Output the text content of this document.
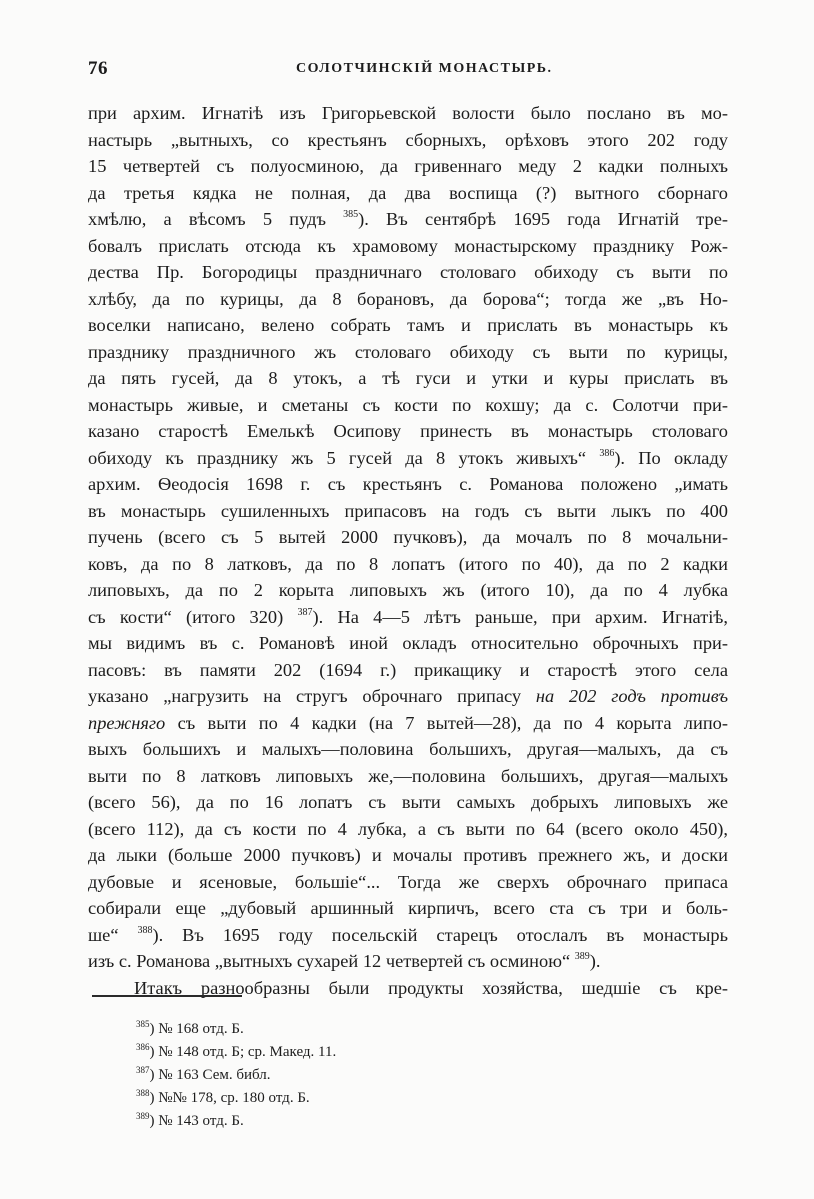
76	СОЛОТЧИНСКІЙ МОНАСТЫРЬ.
при архим. Игнатіѣ изъ Григорьевской волости было послано въ мо-
настырь „вытныхъ, со крестьянъ сборныхъ, орѣховъ этого 202 году
15 четвертей съ полуосминою, да гривеннаго меду 2 кадки полныхъ
да третья кядка не полная, да два воспища (?) вытного сборнаго
хмѣлю, а вѣсомъ 5 пудъ $^{385}$). Въ сентябрѣ 1695 года Игнатій тре-
бовалъ прислать отсюда къ храмовому монастырскому празднику Рож-
дества Пр. Богородицы праздничнаго столоваго обиходу съ выти по
хлѣбу, да по курицы, да 8 борановъ, да борова“; тогда же „въ Но-
воселки написано, велено собрать тамъ и прислать въ монастырь къ
празднику праздничного жъ столоваго обиходу съ выти по курицы,
да пять гусей, да 8 утокъ, а тѣ гуси и утки и куры прислать въ
монастырь живые, и сметаны съ кости по кохшу; да с. Солотчи при-
казано старостѣ Емелькѣ Осипову принесть въ монастырь столоваго
обиходу къ празднику жъ 5 гусей да 8 утокъ живыхъ“ $^{386}$). По окладу
архим. Ѳеодосія 1698 г. съ крестьянъ с. Романова положено „имать
въ монастырь сушиленныхъ припасовъ на годъ съ выти лыкъ по 400
пучень (всего съ 5 вытей 2000 пучковъ), да мочалъ по 8 мочальни-
ковъ, да по 8 латковъ, да по 8 лопатъ (итого по 40), да по 2 кадки
липовыхъ, да по 2 корыта липовыхъ жъ (итого 10), да по 4 лубка
съ кости“ (итого 320) $^{387}$). На 4—5 лѣтъ раньше, при архим. Игнатіѣ,
мы видимъ въ с. Романовѣ иной окладъ относительно оброчныхъ при-
пасовъ: въ памяти 202 (1694 г.) прикащику и старостѣ этого села
указано „нагрузить на стругъ оброчнаго припасу на 202 годъ противъ
прежняго съ выти по 4 кадки (на 7 вытей—28), да по 4 корыта липо-
выхъ большихъ и малыхъ—половина большихъ, другая—малыхъ, да съ
выти по 8 латковъ липовыхъ же,—половина большихъ, другая—малыхъ
(всего 56), да по 16 лопатъ съ выти самыхъ добрыхъ липовыхъ же
(всего 112), да съ кости по 4 лубка, а съ выти по 64 (всего около 450),
да лыки (больше 2000 пучковъ) и мочалы противъ прежнего жъ, и доски
дубовые и ясеновые, большіе“... Тогда же сверхъ оброчнаго припаса
собирали еще „дубовый аршинный кирпичъ, всего ста съ три и боль-
ше“ $^{388}$). Въ 1695 году посельскій старецъ отослалъ въ монастырь
изъ с. Романова „вытныхъ сухарей 12 четвертей съ осминою“ $^{389}$).
Итакъ разнообразны были продукты хозяйства, шедшіе съ кре-
$^{385}$) № 168 отд. Б.
$^{386}$) № 148 отд. Б; ср. Макед. 11.
$^{387}$) № 163 Сем. библ.
$^{388}$) №№ 178, ср. 180 отд. Б.
$^{389}$) № 143 отд. Б.
